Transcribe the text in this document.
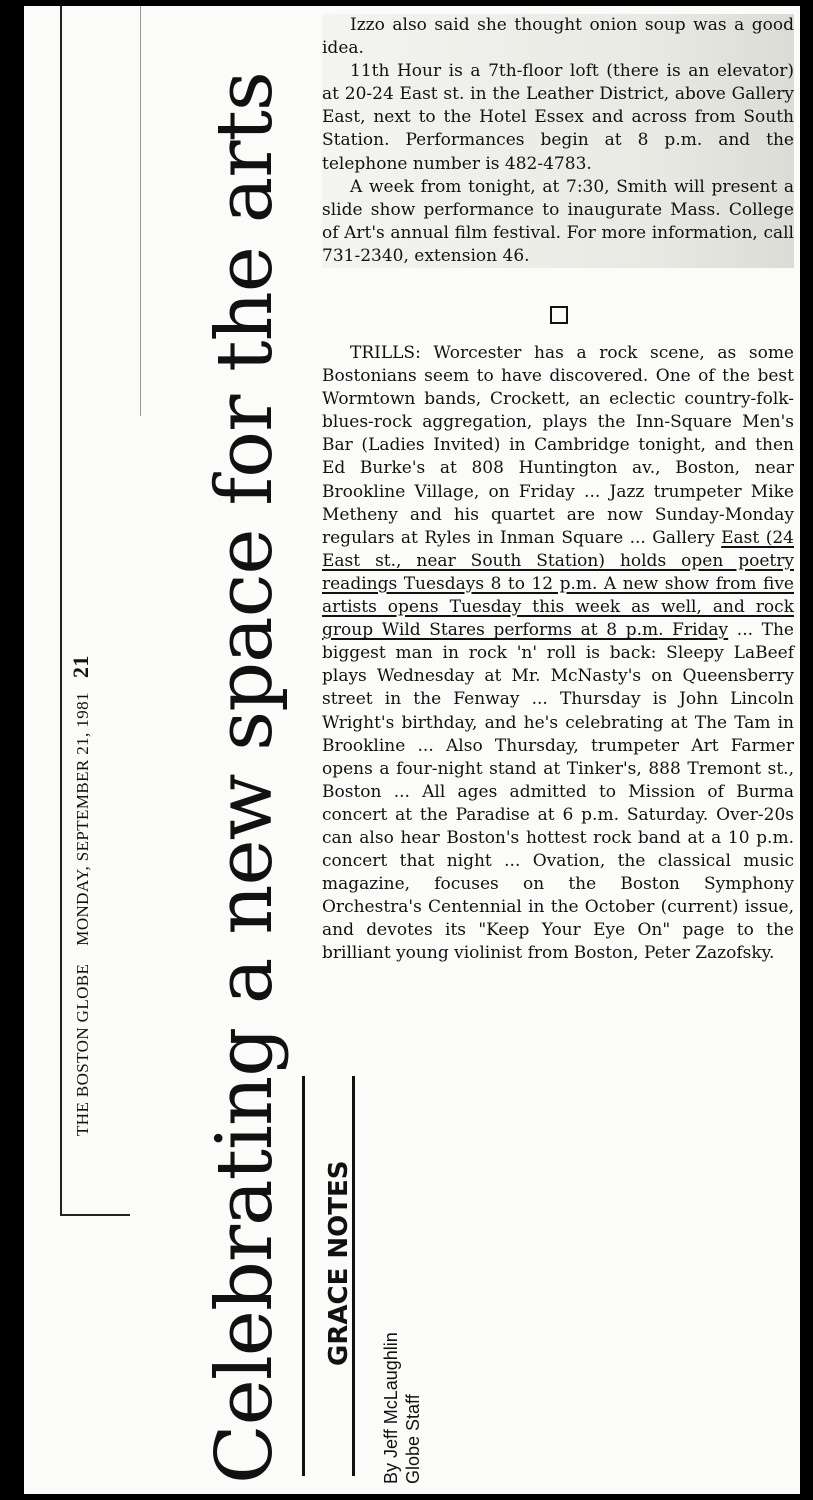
THE BOSTON GLOBEMONDAY, SEPTEMBER 21, 198121 Celebrating a new space for the arts GRACE NOTES
By Jeff McLaughlin Globe Staff

Izzo also said she thought onion soup was a good idea.

11th Hour is a 7th-floor loft (there is an elevator) at 20-24 East st. in the Leather District, above Gallery East, next to the Hotel Essex and across from South Station. Performances begin at 8 p.m. and the telephone number is 482-4783.

A week from tonight, at 7:30, Smith will present a slide show performance to inaugurate Mass. College of Art's annual film festival. For more information, call 731-2340, extension 46.

TRILLS: Worcester has a rock scene, as some Bostonians seem to have discovered. One of the best Wormtown bands, Crockett, an eclectic country-folk-blues-rock aggregation, plays the Inn-Square Men's Bar (Ladies Invited) in Cambridge tonight, and then Ed Burke's at 808 Huntington av., Boston, near Brookline Village, on Friday ... Jazz trumpeter Mike Metheny and his quartet are now Sunday-Monday regulars at Ryles in Inman Square ... Gallery East (24 East st., near South Station) holds open poetry readings Tuesdays 8 to 12 p.m. A new show from five artists opens Tuesday this week as well, and rock group Wild Stares performs at 8 p.m. Friday ... The biggest man in rock 'n' roll is back: Sleepy LaBeef plays Wednesday at Mr. McNasty's on Queensberry street in the Fenway ... Thursday is John Lincoln Wright's birthday, and he's celebrating at The Tam in Brookline ... Also Thursday, trumpeter Art Farmer opens a four-night stand at Tinker's, 888 Tremont st., Boston ... All ages admitted to Mission of Burma concert at the Paradise at 6 p.m. Saturday. Over-20s can also hear Boston's hottest rock band at a 10 p.m. concert that night ... Ovation, the classical music magazine, focuses on the Boston Symphony Orchestra's Centennial in the October (current) issue, and devotes its "Keep Your Eye On" page to the brilliant young violinist from Boston, Peter Zazofsky.
